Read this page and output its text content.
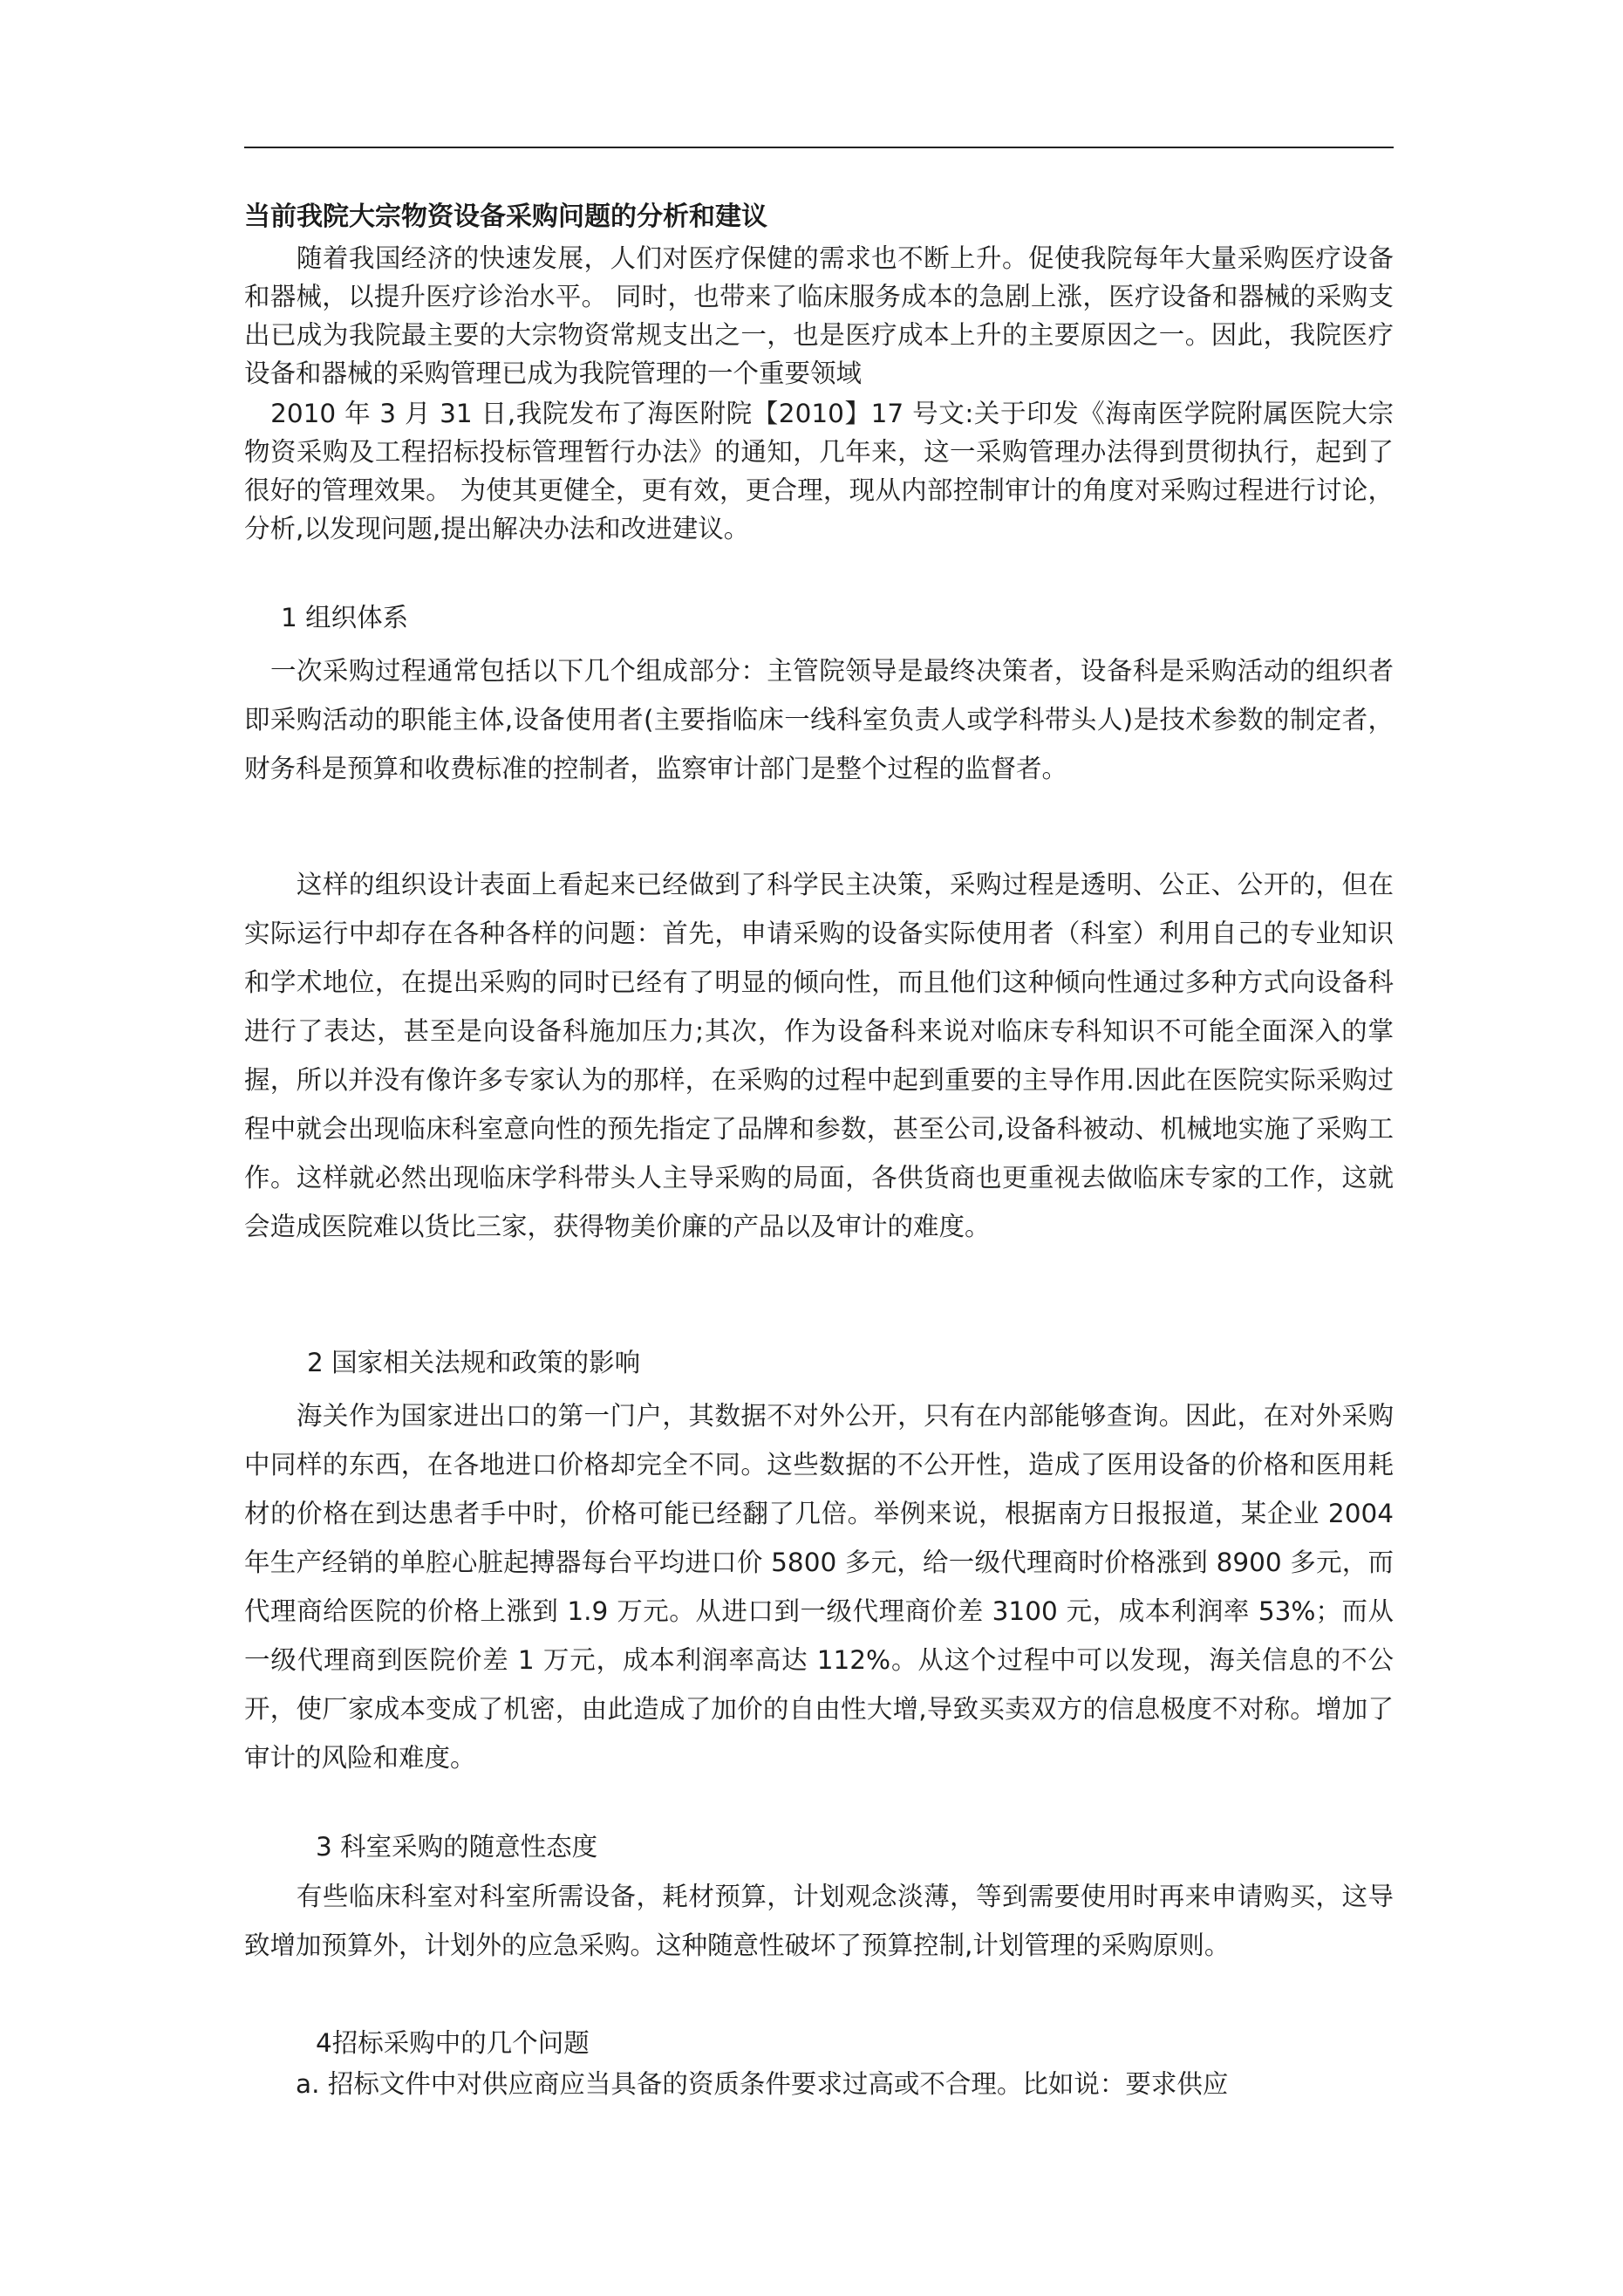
当前我院大宗物资设备采购问题的分析和建议

　　随着我国经济的快速发展，人们对医疗保健的需求也不断上升。促使我院每年大量采购医疗设备和器械，以提升医疗诊治水平。 同时，也带来了临床服务成本的急剧上涨，医疗设备和器械的采购支出已成为我院最主要的大宗物资常规支出之一，也是医疗成本上升的主要原因之一。因此，我院医疗设备和器械的采购管理已成为我院管理的一个重要领域

　2010 年 3 月 31 日,我院发布了海医附院【2010】17 号文:关于印发《海南医学院附属医院大宗物资采购及工程招标投标管理暂行办法》的通知，几年来，这一采购管理办法得到贯彻执行，起到了很好的管理效果。 为使其更健全，更有效，更合理，现从内部控制审计的角度对采购过程进行讨论，分析,以发现问题,提出解决办法和改进建议。

1 组织体系

　一次采购过程通常包括以下几个组成部分：主管院领导是最终决策者，设备科是采购活动的组织者即采购活动的职能主体,设备使用者(主要指临床一线科室负责人或学科带头人)是技术参数的制定者，财务科是预算和收费标准的控制者，监察审计部门是整个过程的监督者。

　　这样的组织设计表面上看起来已经做到了科学民主决策，采购过程是透明、公正、公开的，但在实际运行中却存在各种各样的问题：首先，申请采购的设备实际使用者（科室）利用自己的专业知识和学术地位，在提出采购的同时已经有了明显的倾向性，而且他们这种倾向性通过多种方式向设备科进行了表达，甚至是向设备科施加压力;其次，作为设备科来说对临床专科知识不可能全面深入的掌握，所以并没有像许多专家认为的那样，在采购的过程中起到重要的主导作用.因此在医院实际采购过程中就会出现临床科室意向性的预先指定了品牌和参数，甚至公司,设备科被动、机械地实施了采购工作。这样就必然出现临床学科带头人主导采购的局面，各供货商也更重视去做临床专家的工作，这就会造成医院难以货比三家，获得物美价廉的产品以及审计的难度。

2 国家相关法规和政策的影响

　　海关作为国家进出口的第一门户，其数据不对外公开，只有在内部能够查询。因此，在对外采购中同样的东西，在各地进口价格却完全不同。这些数据的不公开性，造成了医用设备的价格和医用耗材的价格在到达患者手中时，价格可能已经翻了几倍。举例来说，根据南方日报报道，某企业 2004 年生产经销的单腔心脏起搏器每台平均进口价 5800 多元，给一级代理商时价格涨到 8900 多元，而代理商给医院的价格上涨到 1.9 万元。从进口到一级代理商价差 3100 元，成本利润率 53%；而从一级代理商到医院价差 1 万元，成本利润率高达 112%。从这个过程中可以发现，海关信息的不公开，使厂家成本变成了机密，由此造成了加价的自由性大增,导致买卖双方的信息极度不对称。增加了审计的风险和难度。

3 科室采购的随意性态度

　　有些临床科室对科室所需设备，耗材预算，计划观念淡薄，等到需要使用时再来申请购买，这导致增加预算外，计划外的应急采购。这种随意性破坏了预算控制,计划管理的采购原则。

4招标采购中的几个问题

　　a. 招标文件中对供应商应当具备的资质条件要求过高或不合理。比如说：要求供应
